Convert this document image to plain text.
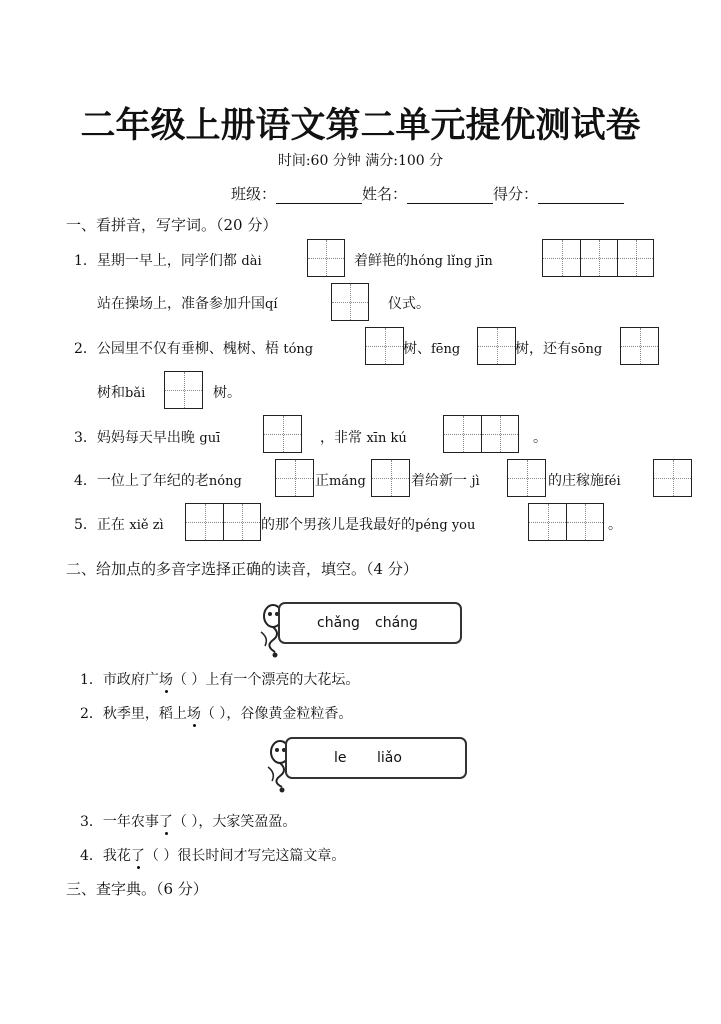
二年级上册语文第二单元提优测试卷
时间:60 分钟 满分:100 分
班级：	姓名：	得分：
一、看拼音，写字词。（20 分）
1．星期一早上，同学们都 dài	着鲜艳的hóng lǐng jīn
站在操场上，准备参加升国qí	仪式。
2．公园里不仅有垂柳、槐树、梧 tóng	树、fēng	树，还有sōng
树和bǎi	树。
3．妈妈每天早出晚 guī	，非常 xīn kú	。
4．一位上了年纪的老nóng	正máng	着给新一 jì	的庄稼施féi
5．正在 xiě zì	的那个男孩儿是我最好的péng you	。
二、给加点的多音字选择正确的读音，填空。（4 分）
chǎng cháng
1．市政府广场（ ）上有一个漂亮的大花坛。
2．秋季里，稻上场（ ），谷像黄金粒粒香。
le liǎo
3．一年农事了（ ），大家笑盈盈。
4．我花了（ ）很长时间才写完这篇文章。
三、查字典。（6 分）
